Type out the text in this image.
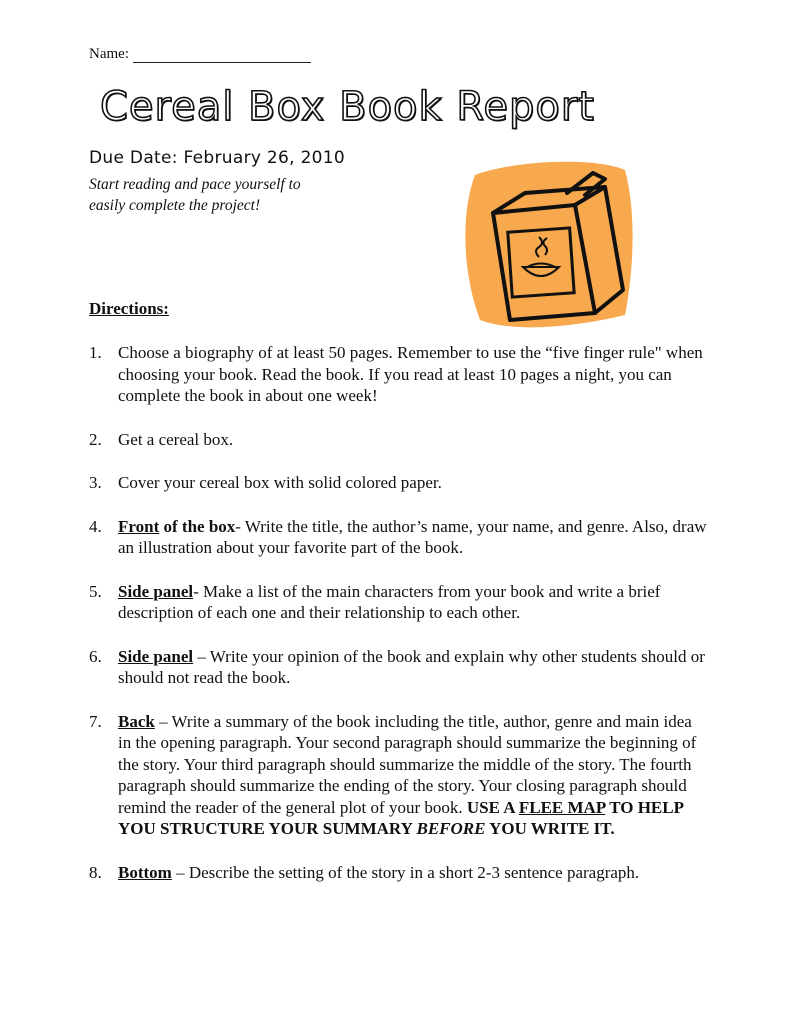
Name:
Cereal Box Book Report
Due Date: February 26, 2010
Start reading and pace yourself to
easily complete the project!
Directions:
1. Choose a biography of at least 50 pages. Remember to use the “five finger rule" when choosing your book. Read the book. If you read at least 10 pages a night, you can complete the book in about one week!
2. Get a cereal box.
3. Cover your cereal box with solid colored paper.
4. Front of the box- Write the title, the author’s name, your name, and genre. Also, draw an illustration about your favorite part of the book.
5. Side panel- Make a list of the main characters from your book and write a brief description of each one and their relationship to each other.
6. Side panel – Write your opinion of the book and explain why other students should or should not read the book.
7. Back – Write a summary of the book including the title, author, genre and main idea in the opening paragraph. Your second paragraph should summarize the beginning of the story. Your third paragraph should summarize the middle of the story. The fourth paragraph should summarize the ending of the story. Your closing paragraph should remind the reader of the general plot of your book. USE A FLEE MAP TO HELP YOU STRUCTURE YOUR SUMMARY BEFORE YOU WRITE IT.
8. Bottom – Describe the setting of the story in a short 2-3 sentence paragraph.
